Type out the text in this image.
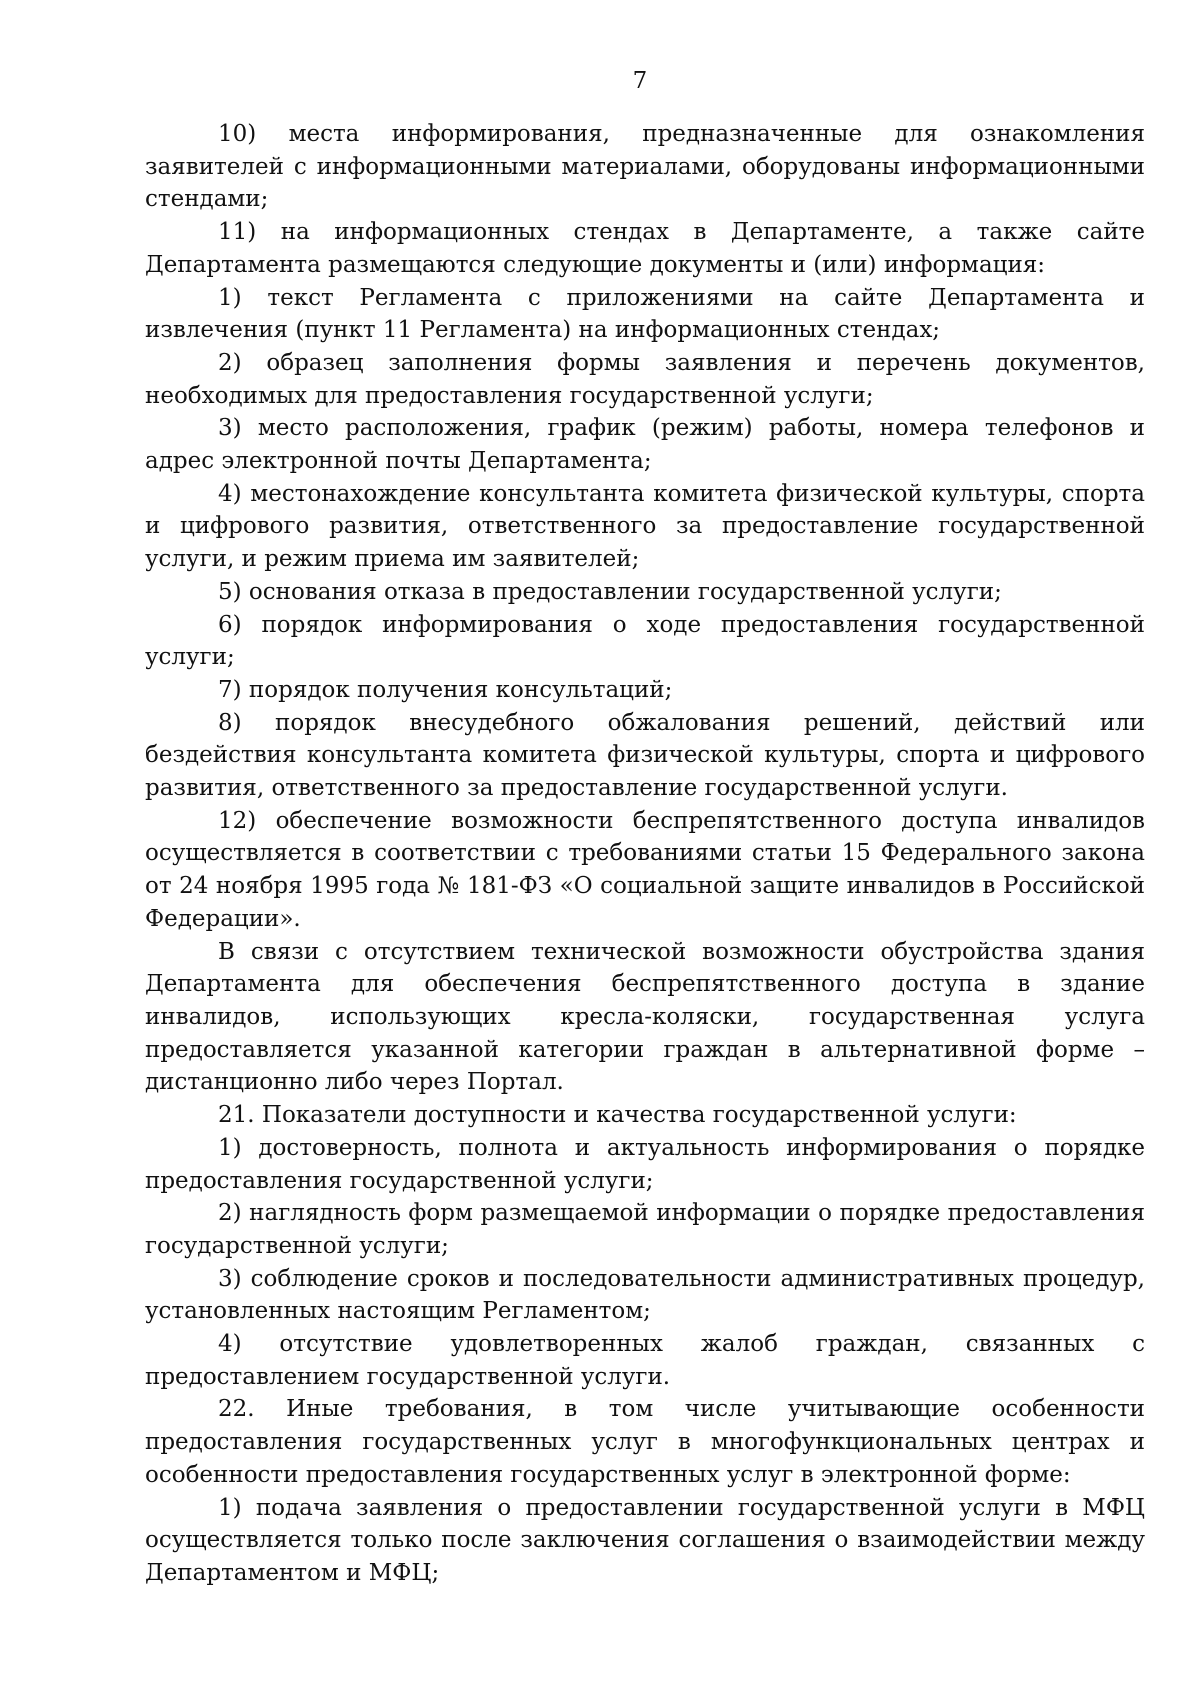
7

10) места информирования, предназначенные для ознакомления заявителей с информационными материалами, оборудованы информационными стендами;

11) на информационных стендах в Департаменте, а также сайте Департамента размещаются следующие документы и (или) информация:

1) текст Регламента с приложениями на сайте Департамента и извлечения (пункт 11 Регламента) на информационных стендах;

2) образец заполнения формы заявления и перечень документов, необходимых для предоставления государственной услуги;

3) место расположения, график (режим) работы, номера телефонов и адрес электронной почты Департамента;

4) местонахождение консультанта комитета физической культуры, спорта и цифрового развития, ответственного за предоставление государственной услуги, и режим приема им заявителей;

5) основания отказа в предоставлении государственной услуги;

6) порядок информирования о ходе предоставления государственной услуги;

7) порядок получения консультаций;

8) порядок внесудебного обжалования решений, действий или бездействия консультанта комитета физической культуры, спорта и цифрового развития, ответственного за предоставление государственной услуги.

12) обеспечение возможности беспрепятственного доступа инвалидов осуществляется в соответствии с требованиями статьи 15 Федерального закона от 24 ноября 1995 года № 181-ФЗ «О социальной защите инвалидов в Российской Федерации».

В связи с отсутствием технической возможности обустройства здания Департамента для обеспечения беспрепятственного доступа в здание инвалидов, использующих кресла-коляски, государственная услуга предоставляется указанной категории граждан в альтернативной форме – дистанционно либо через Портал.

21. Показатели доступности и качества государственной услуги:

1) достоверность, полнота и актуальность информирования о порядке предоставления государственной услуги;

2) наглядность форм размещаемой информации о порядке предоставления государственной услуги;

3) соблюдение сроков и последовательности административных процедур, установленных настоящим Регламентом;

4) отсутствие удовлетворенных жалоб граждан, связанных с предоставлением государственной услуги.

22. Иные требования, в том числе учитывающие особенности предоставления государственных услуг в многофункциональных центрах и особенности предоставления государственных услуг в электронной форме:

1) подача заявления о предоставлении государственной услуги в МФЦ осуществляется только после заключения соглашения о взаимодействии между Департаментом и МФЦ;
